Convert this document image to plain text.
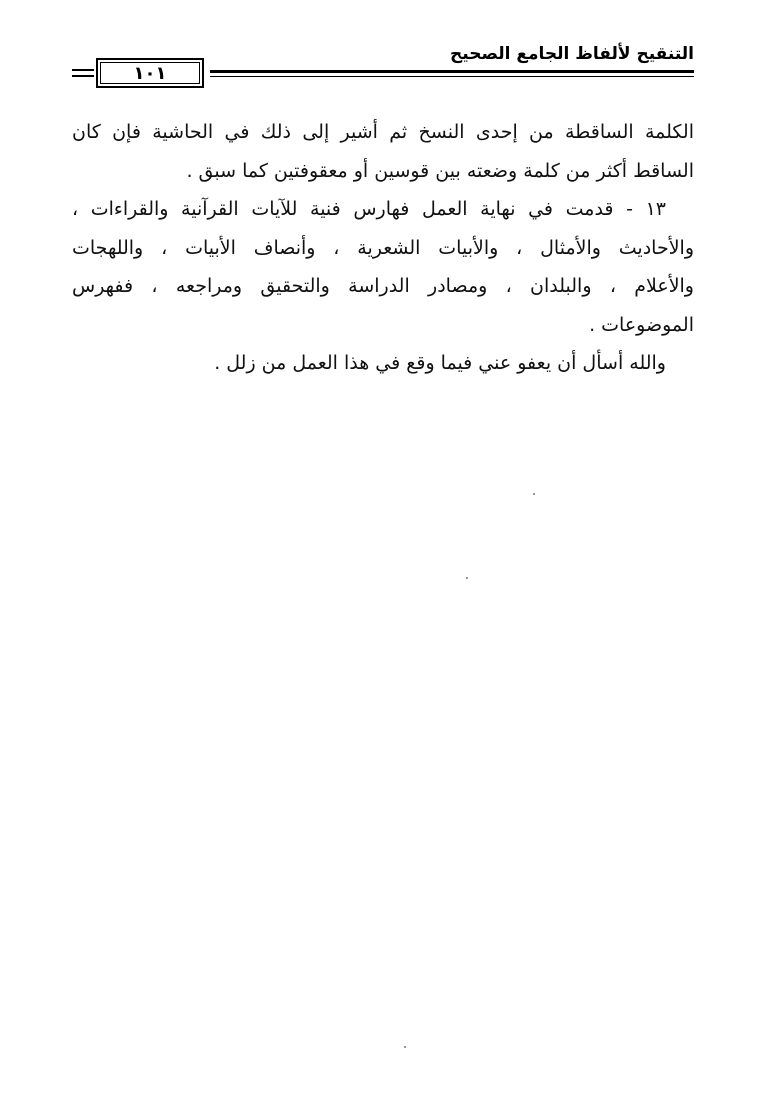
التنقيح لألفاظ الجامع الصحيح
١٠١
الكلمة الساقطة من إحدى النسخ ثم أشير إلى ذلك في الحاشية فإن كان
الساقط أكثر من كلمة وضعته بين قوسين أو معقوفتين كما سبق .
١٣ - قدمت في نهاية العمل فهارس فنية للآيات القرآنية والقراءات ،
والأحاديث والأمثال ، والأبيات الشعرية ، وأنصاف الأبيات ، واللهجات
والأعلام ، والبلدان ، ومصادر الدراسة والتحقيق ومراجعه ، ففهرس
الموضوعات .
والله أسأل أن يعفو عني فيما وقع في هذا العمل من زلل .
